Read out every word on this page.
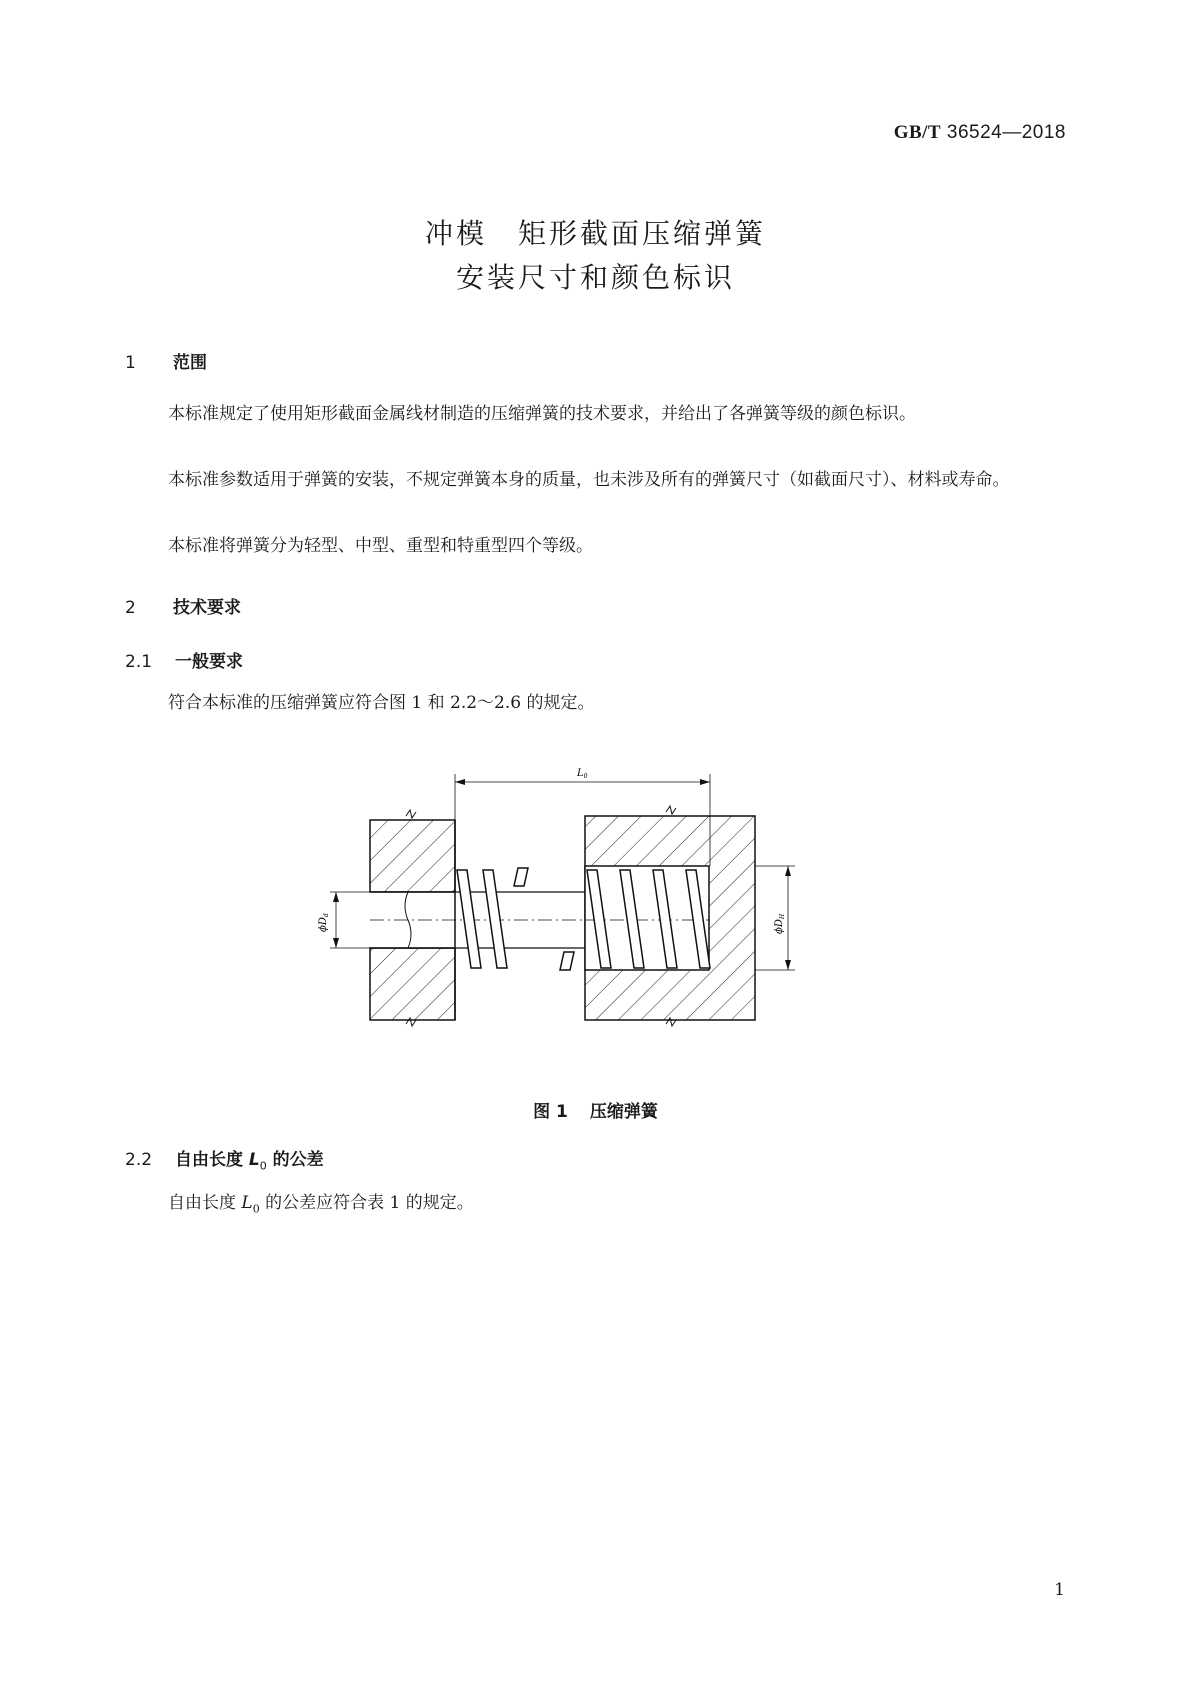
GB/T 36524—2018
冲模　矩形截面压缩弹簧
安装尺寸和颜色标识
1 范围
本标准规定了使用矩形截面金属线材制造的压缩弹簧的技术要求，并给出了各弹簧等级的颜色标识。
本标准参数适用于弹簧的安装，不规定弹簧本身的质量，也未涉及所有的弹簧尺寸（如截面尺寸）、材料或寿命。
本标准将弹簧分为轻型、中型、重型和特重型四个等级。
2 技术要求
2.1 一般要求
符合本标准的压缩弹簧应符合图 1 和 2.2～2.6 的规定。
$L_0$
$\phi D_H$
$\phi D_d$
图 1 压缩弹簧
2.2 自由长度 $L_0$ 的公差
自由长度 $L_0$ 的公差应符合表 1 的规定。
1
